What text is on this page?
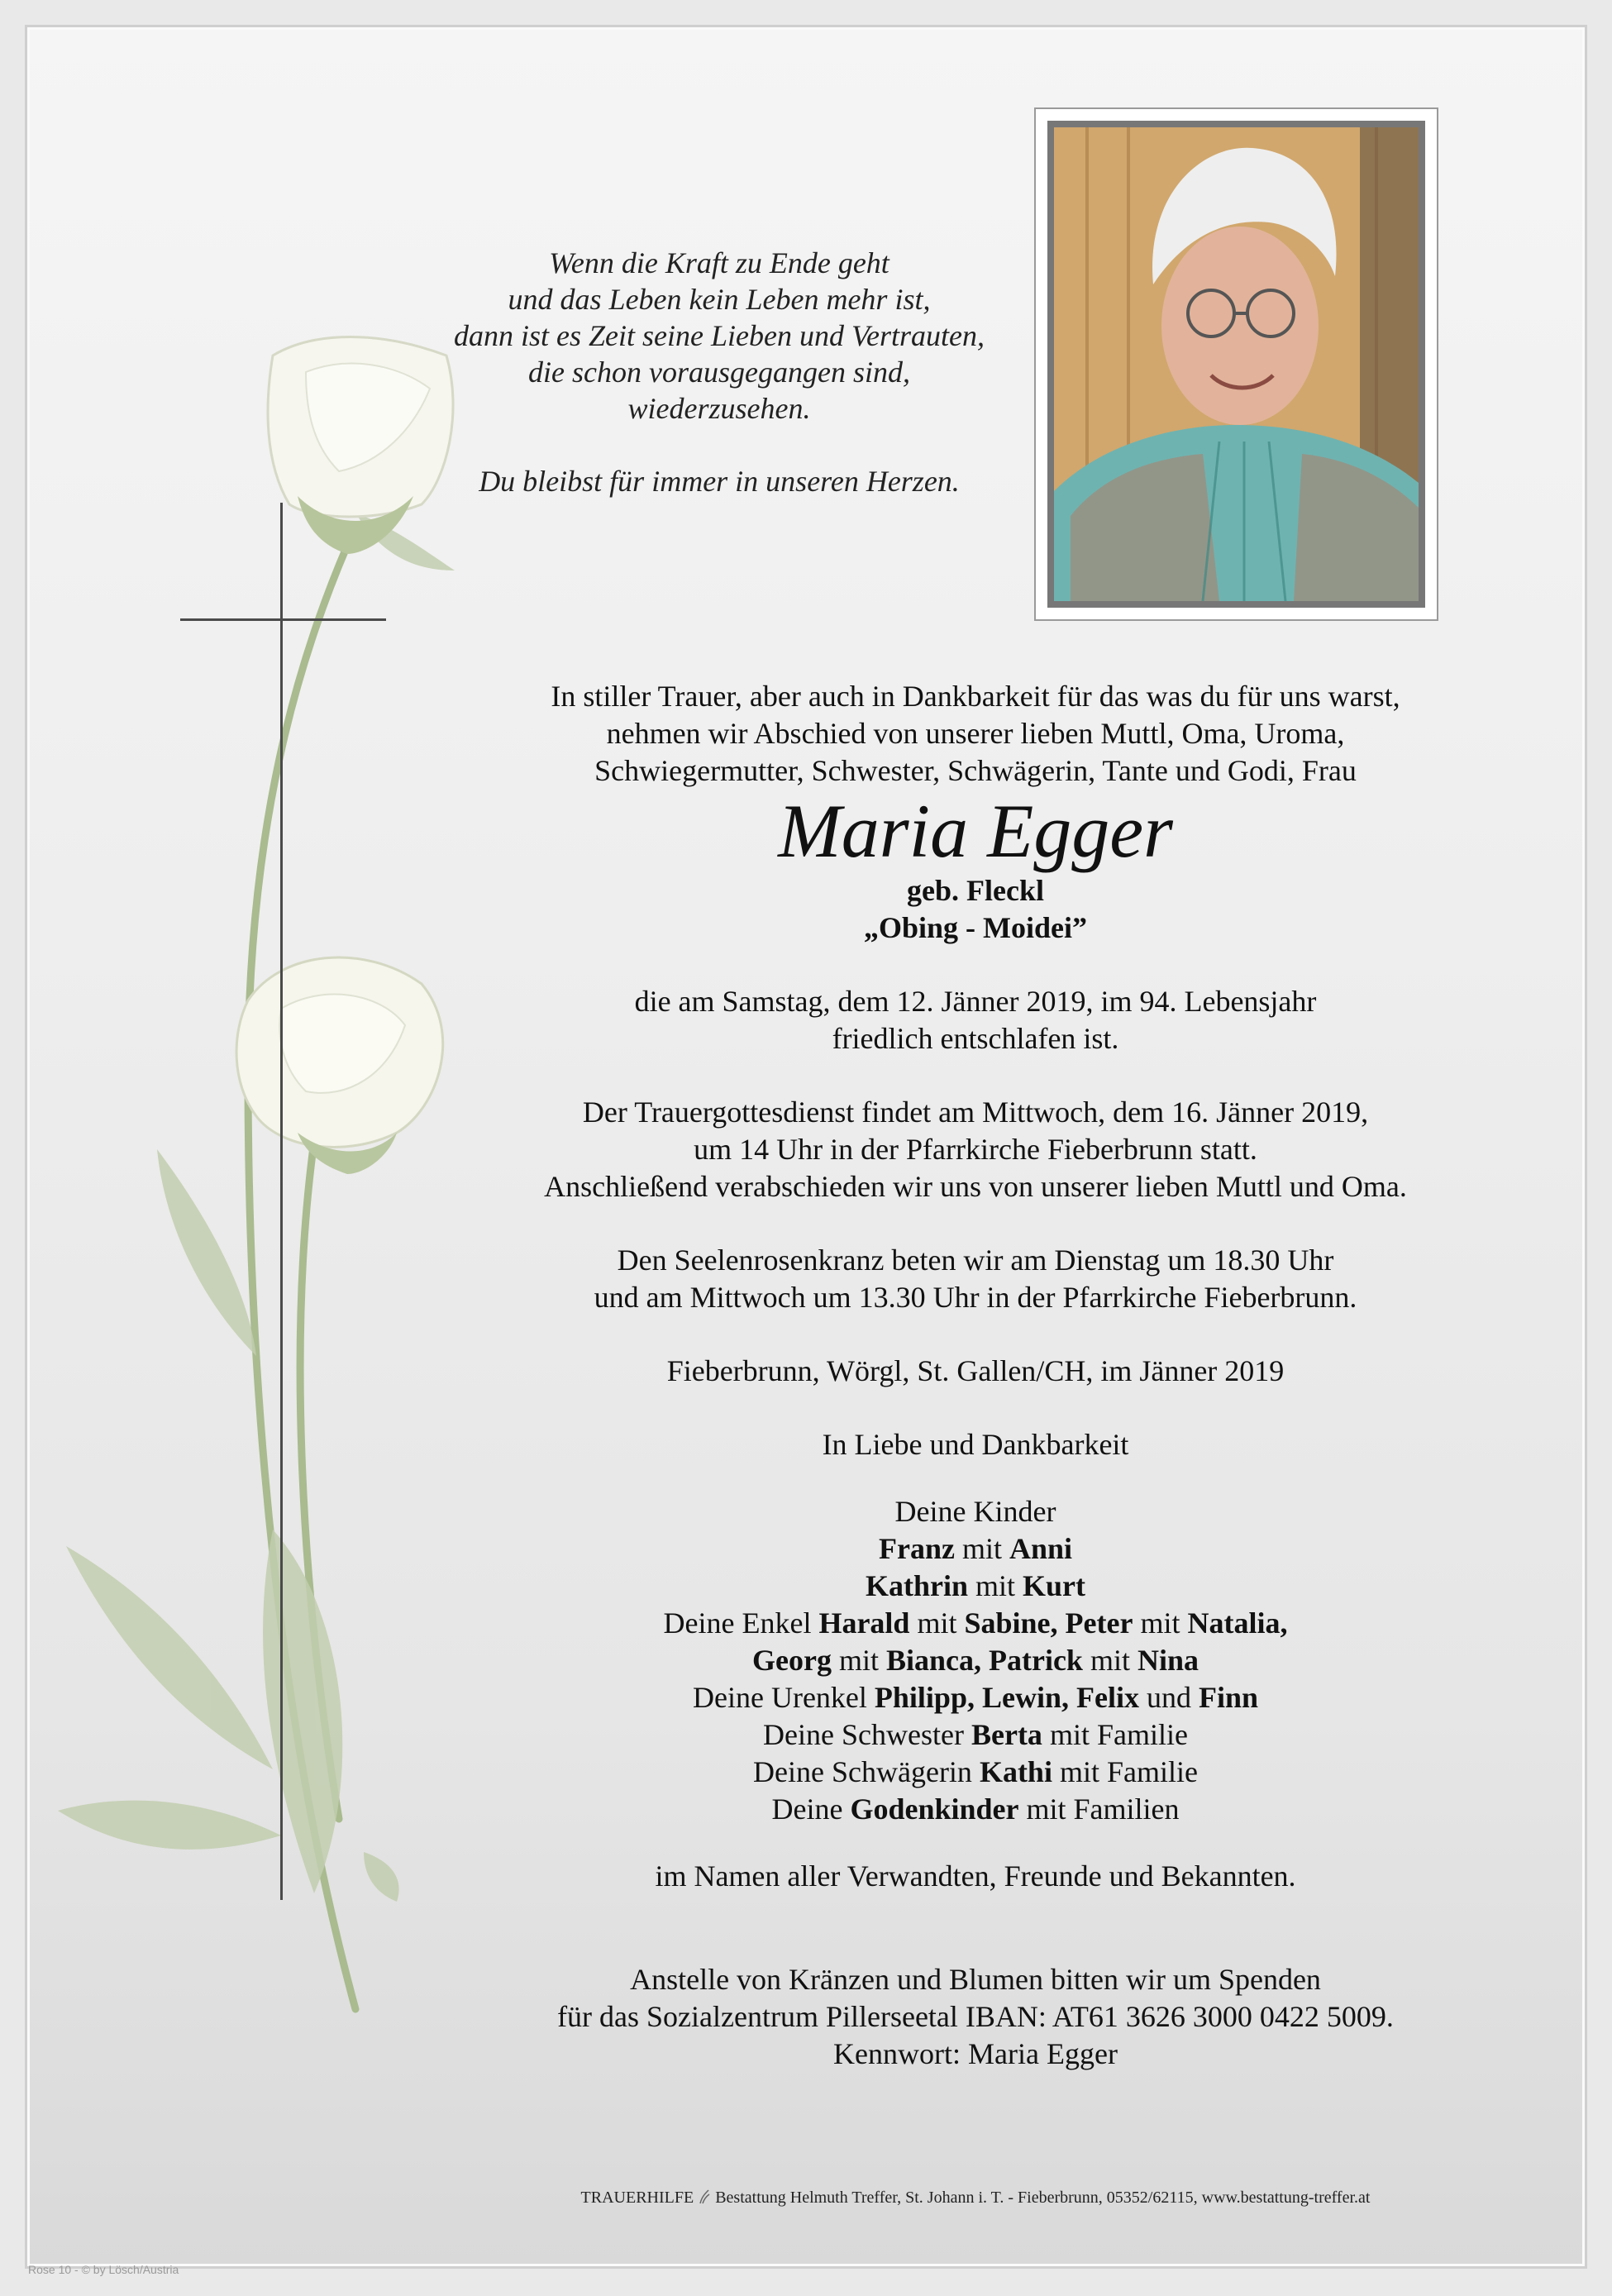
Wenn die Kraft zu Ende geht

und das Leben kein Leben mehr ist,

dann ist es Zeit seine Lieben und Vertrauten,

die schon vorausgegangen sind,

wiederzusehen.

Du bleibst für immer in unseren Herzen.

In stiller Trauer, aber auch in Dankbarkeit für das was du für uns warst,

nehmen wir Abschied von unserer lieben Muttl, Oma, Uroma,

Schwiegermutter, Schwester, Schwägerin, Tante und Godi, Frau

Maria Egger

geb. Fleckl

„Obing - Moidei”

die am Samstag, dem 12. Jänner 2019, im 94. Lebensjahr

friedlich entschlafen ist.

Der Trauergottesdienst findet am Mittwoch, dem 16. Jänner 2019,

um 14 Uhr in der Pfarrkirche Fieberbrunn statt.

Anschließend verabschieden wir uns von unserer lieben Muttl und Oma.

Den Seelenrosenkranz beten wir am Dienstag um 18.30 Uhr

und am Mittwoch um 13.30 Uhr in der Pfarrkirche Fieberbrunn.

Fieberbrunn, Wörgl, St. Gallen/CH, im Jänner 2019

In Liebe und Dankbarkeit

Deine Kinder

Franz mit Anni

Kathrin mit Kurt

Deine Enkel Harald mit Sabine, Peter mit Natalia,

Georg mit Bianca, Patrick mit Nina

Deine Urenkel Philipp, Lewin, Felix und Finn

Deine Schwester Berta mit Familie

Deine Schwägerin Kathi mit Familie

Deine Godenkinder mit Familien

im Namen aller Verwandten, Freunde und Bekannten.

Anstelle von Kränzen und Blumen bitten wir um Spenden

für das Sozialzentrum Pillerseetal IBAN: AT61 3626 3000 0422 5009.

Kennwort: Maria Egger

TRAUERHILFE Bestattung Helmuth Treffer, St. Johann i. T. - Fieberbrunn, 05352/62115, www.bestattung-treffer.at
Rose 10 - © by Lösch/Austria
